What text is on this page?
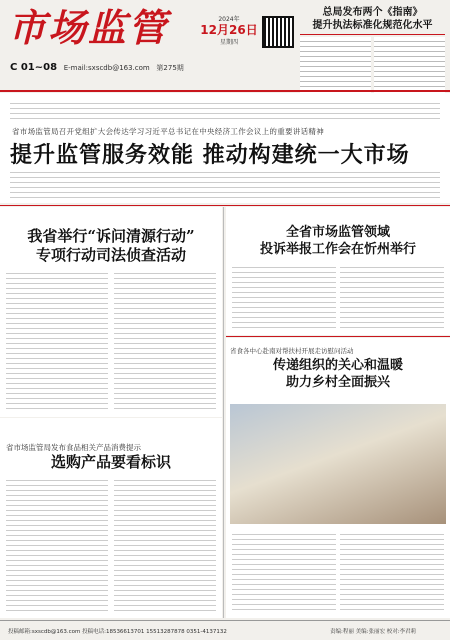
市场监管
C 01~08 E-mail:sxscdb@163.com 第275期
2024年
12月26日
星期四
总局发布两个《指南》
提升执法标准化规范化水平
省市场监管局召开党组扩大会传达学习习近平总书记在中央经济工作会议上的重要讲话精神
提升监管服务效能 推动构建统一大市场
我省举行“诉问清源行动”
专项行动司法侦查活动
全省市场监管领域
投诉举报工作会在忻州举行
省食各中心赴南对帮扶村开展走访慰问活动
传递组织的关心和温暖
助力乡村全面振兴
省市场监管局发布食品相关产品消费提示
选购产品要看标识
投稿邮箱:sxscdb@163.com 投稿电话:18536613701 15513287878 0351-4137132	责编:程丽 美编:张丽宏 校对:李君莉
